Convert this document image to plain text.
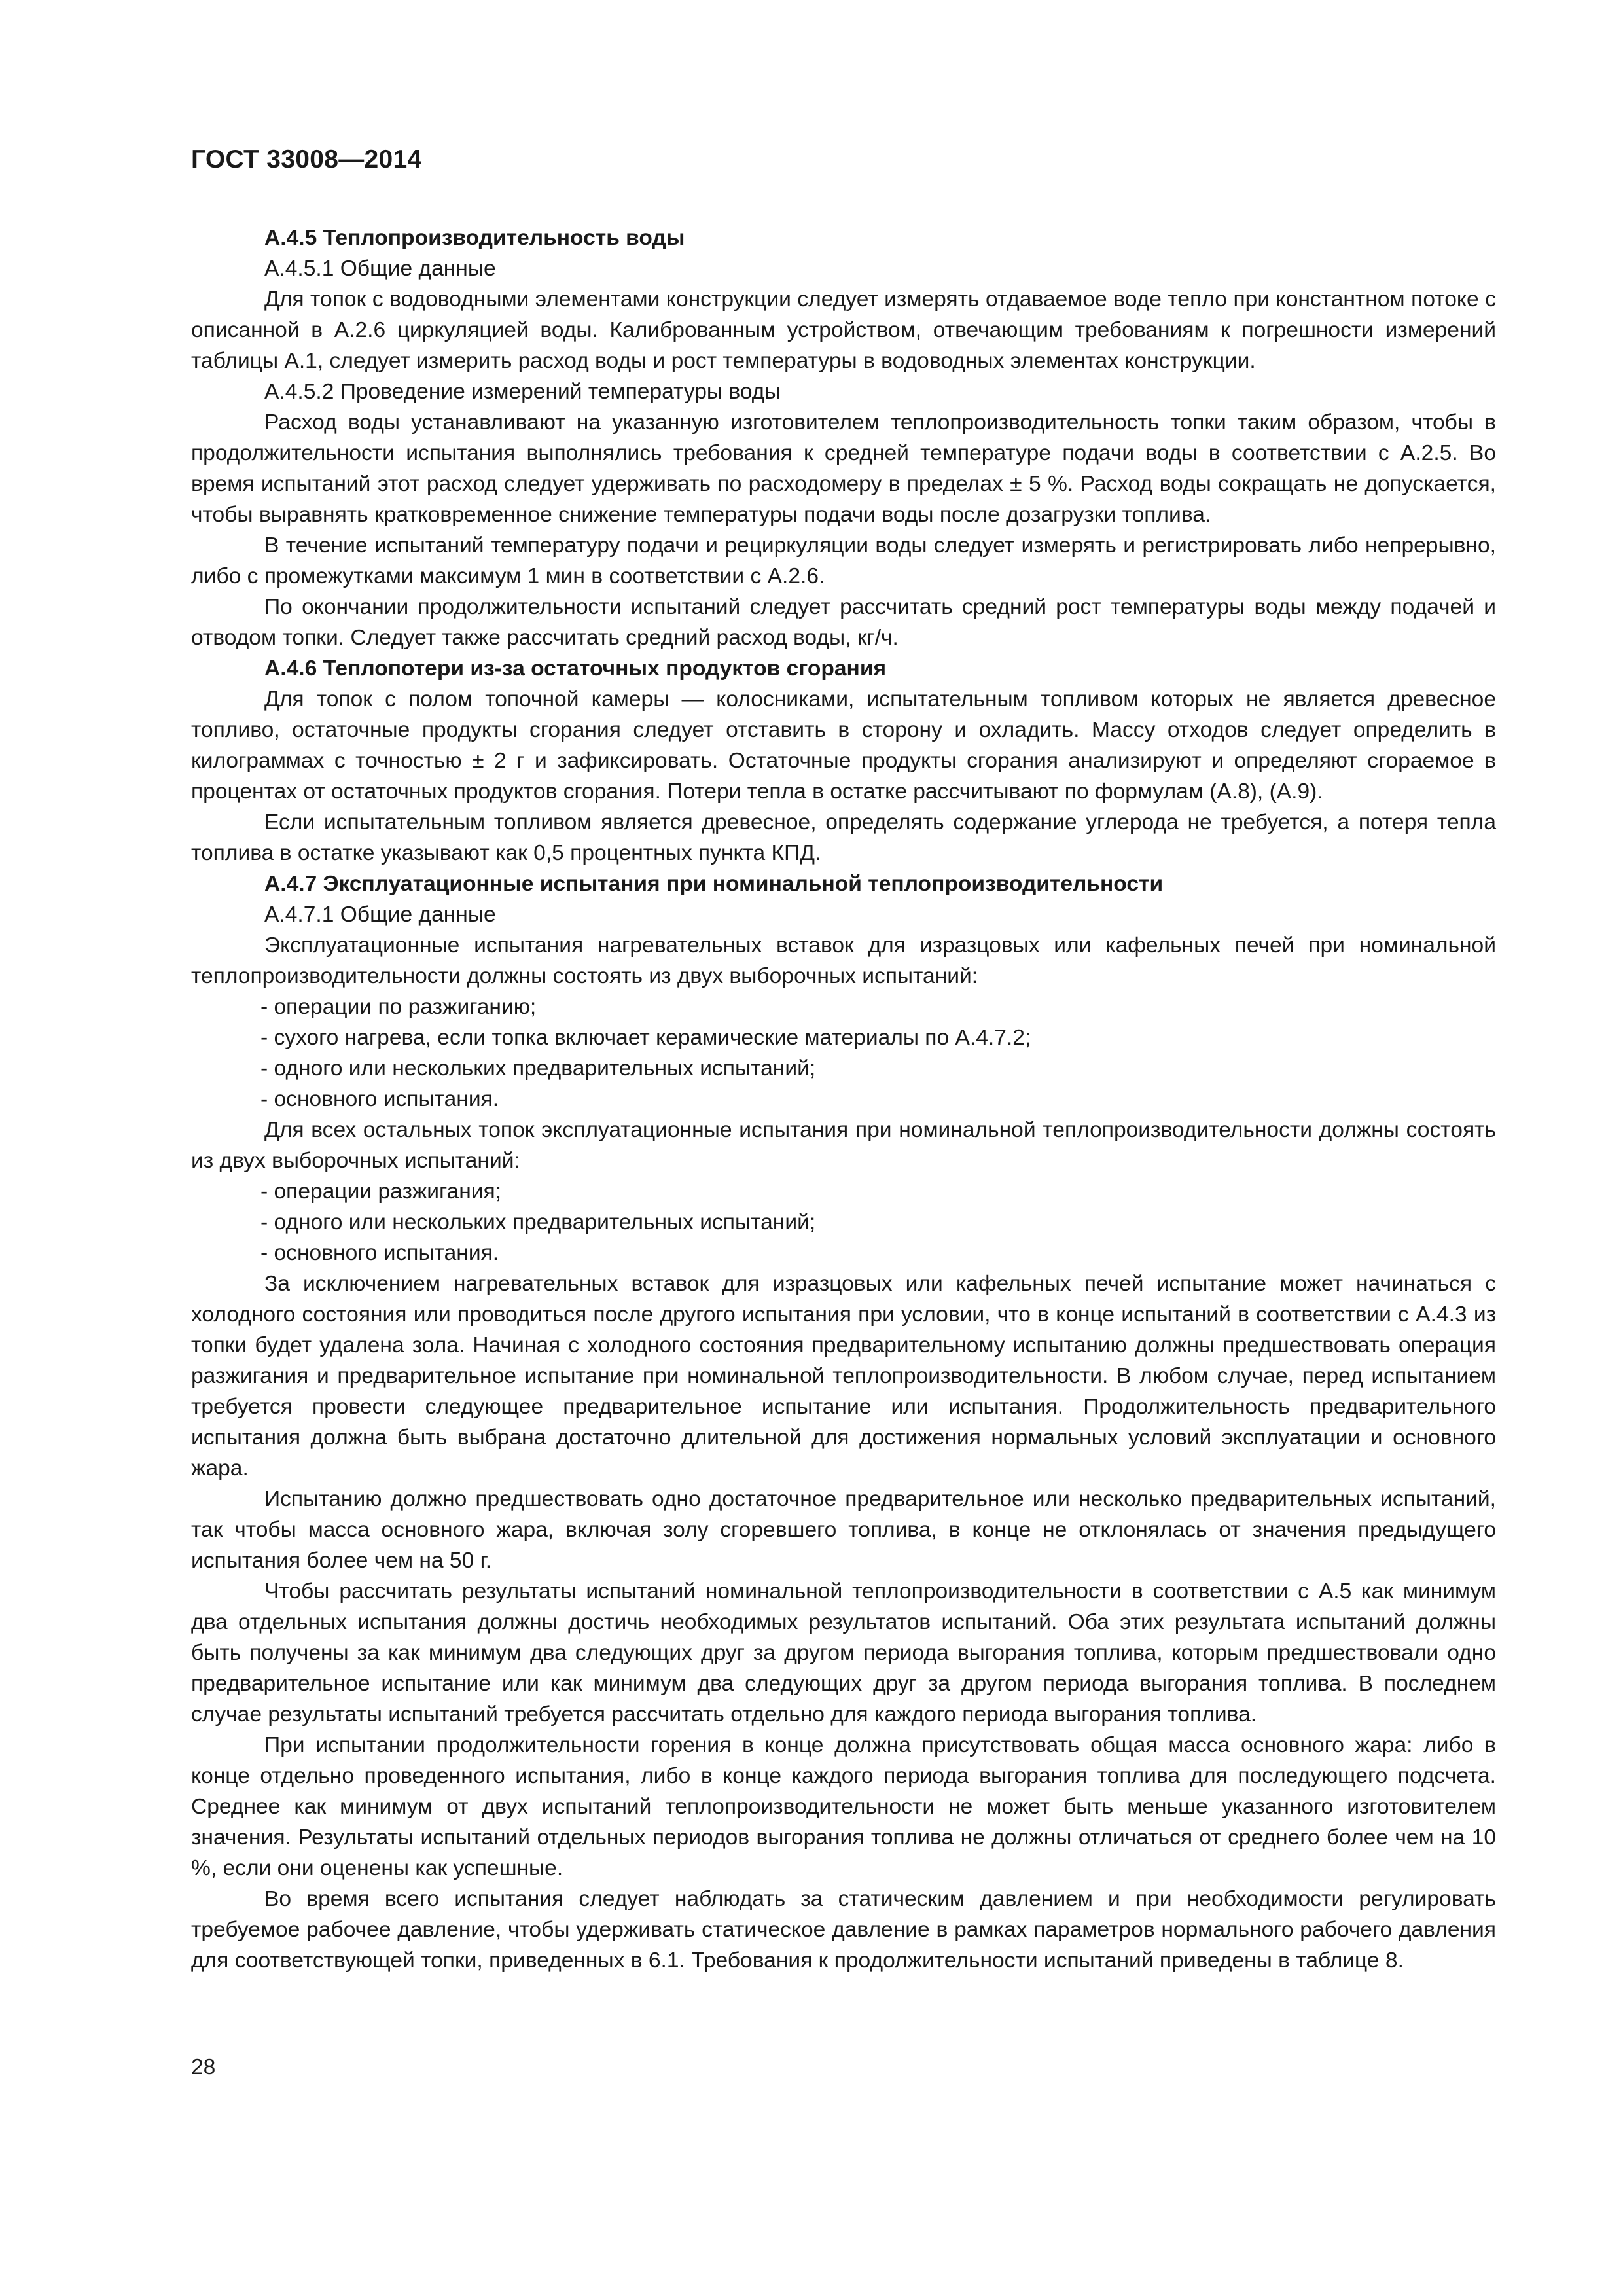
ГОСТ 33008—2014

А.4.5 Теплопроизводительность воды

А.4.5.1 Общие данные

Для топок с водоводными элементами конструкции следует измерять отдаваемое воде тепло при константном потоке с описанной в А.2.6 циркуляцией воды. Калиброванным устройством, отвечающим требованиям к погрешности измерений таблицы А.1, следует измерить расход воды и рост температуры в водоводных элементах конструкции.

А.4.5.2 Проведение измерений температуры воды

Расход воды устанавливают на указанную изготовителем теплопроизводительность топки таким образом, чтобы в продолжительности испытания выполнялись требования к средней температуре подачи воды в соответствии с А.2.5. Во время испытаний этот расход следует удерживать по расходомеру в пределах ± 5 %. Расход воды сокращать не допускается, чтобы выравнять кратковременное снижение температуры подачи воды после дозагрузки топлива.

В течение испытаний температуру подачи и рециркуляции воды следует измерять и регистрировать либо непрерывно, либо с промежутками максимум 1 мин в соответствии с А.2.6.

По окончании продолжительности испытаний следует рассчитать средний рост температуры воды между подачей и отводом топки. Следует также рассчитать средний расход воды, кг/ч.

А.4.6 Теплопотери из-за остаточных продуктов сгорания

Для топок с полом топочной камеры — колосниками, испытательным топливом которых не является древесное топливо, остаточные продукты сгорания следует отставить в сторону и охладить. Массу отходов следует определить в килограммах с точностью ± 2 г и зафиксировать. Остаточные продукты сгорания анализируют и определяют сгораемое в процентах от остаточных продуктов сгорания. Потери тепла в остатке рассчитывают по формулам (А.8), (А.9).

Если испытательным топливом является древесное, определять содержание углерода не требуется, а потеря тепла топлива в остатке указывают как 0,5 процентных пункта КПД.

А.4.7 Эксплуатационные испытания при номинальной теплопроизводительности

А.4.7.1 Общие данные

Эксплуатационные испытания нагревательных вставок для изразцовых или кафельных печей при номинальной теплопроизводительности должны состоять из двух выборочных испытаний:

- операции по разжиганию;

- сухого нагрева, если топка включает керамические материалы по А.4.7.2;

- одного или нескольких предварительных испытаний;

- основного испытания.

Для всех остальных топок эксплуатационные испытания при номинальной теплопроизводительности должны состоять из двух выборочных испытаний:

- операции разжигания;

- одного или нескольких предварительных испытаний;

- основного испытания.

За исключением нагревательных вставок для изразцовых или кафельных печей испытание может начинаться с холодного состояния или проводиться после другого испытания при условии, что в конце испытаний в соответствии с А.4.3 из топки будет удалена зола. Начиная с холодного состояния предварительному испытанию должны предшествовать операция разжигания и предварительное испытание при номинальной теплопроизводительности. В любом случае, перед испытанием требуется провести следующее предварительное испытание или испытания. Продолжительность предварительного испытания должна быть выбрана достаточно длительной для достижения нормальных условий эксплуатации и основного жара.

Испытанию должно предшествовать одно достаточное предварительное или несколько предварительных испытаний, так чтобы масса основного жара, включая золу сгоревшего топлива, в конце не отклонялась от значения предыдущего испытания более чем на 50 г.

Чтобы рассчитать результаты испытаний номинальной теплопроизводительности в соответствии с А.5 как минимум два отдельных испытания должны достичь необходимых результатов испытаний. Оба этих результата испытаний должны быть получены за как минимум два следующих друг за другом периода выгорания топлива, которым предшествовали одно предварительное испытание или как минимум два следующих друг за другом периода выгорания топлива. В последнем случае результаты испытаний требуется рассчитать отдельно для каждого периода выгорания топлива.

При испытании продолжительности горения в конце должна присутствовать общая масса основного жара: либо в конце отдельно проведенного испытания, либо в конце каждого периода выгорания топлива для последующего подсчета. Среднее как минимум от двух испытаний теплопроизводительности не может быть меньше указанного изготовителем значения. Результаты испытаний отдельных периодов выгорания топлива не должны отличаться от среднего более чем на 10 %, если они оценены как успешные.

Во время всего испытания следует наблюдать за статическим давлением и при необходимости регулировать требуемое рабочее давление, чтобы удерживать статическое давление в рамках параметров нормального рабочего давления для соответствующей топки, приведенных в 6.1. Требования к продолжительности испытаний приведены в таблице 8.

28
